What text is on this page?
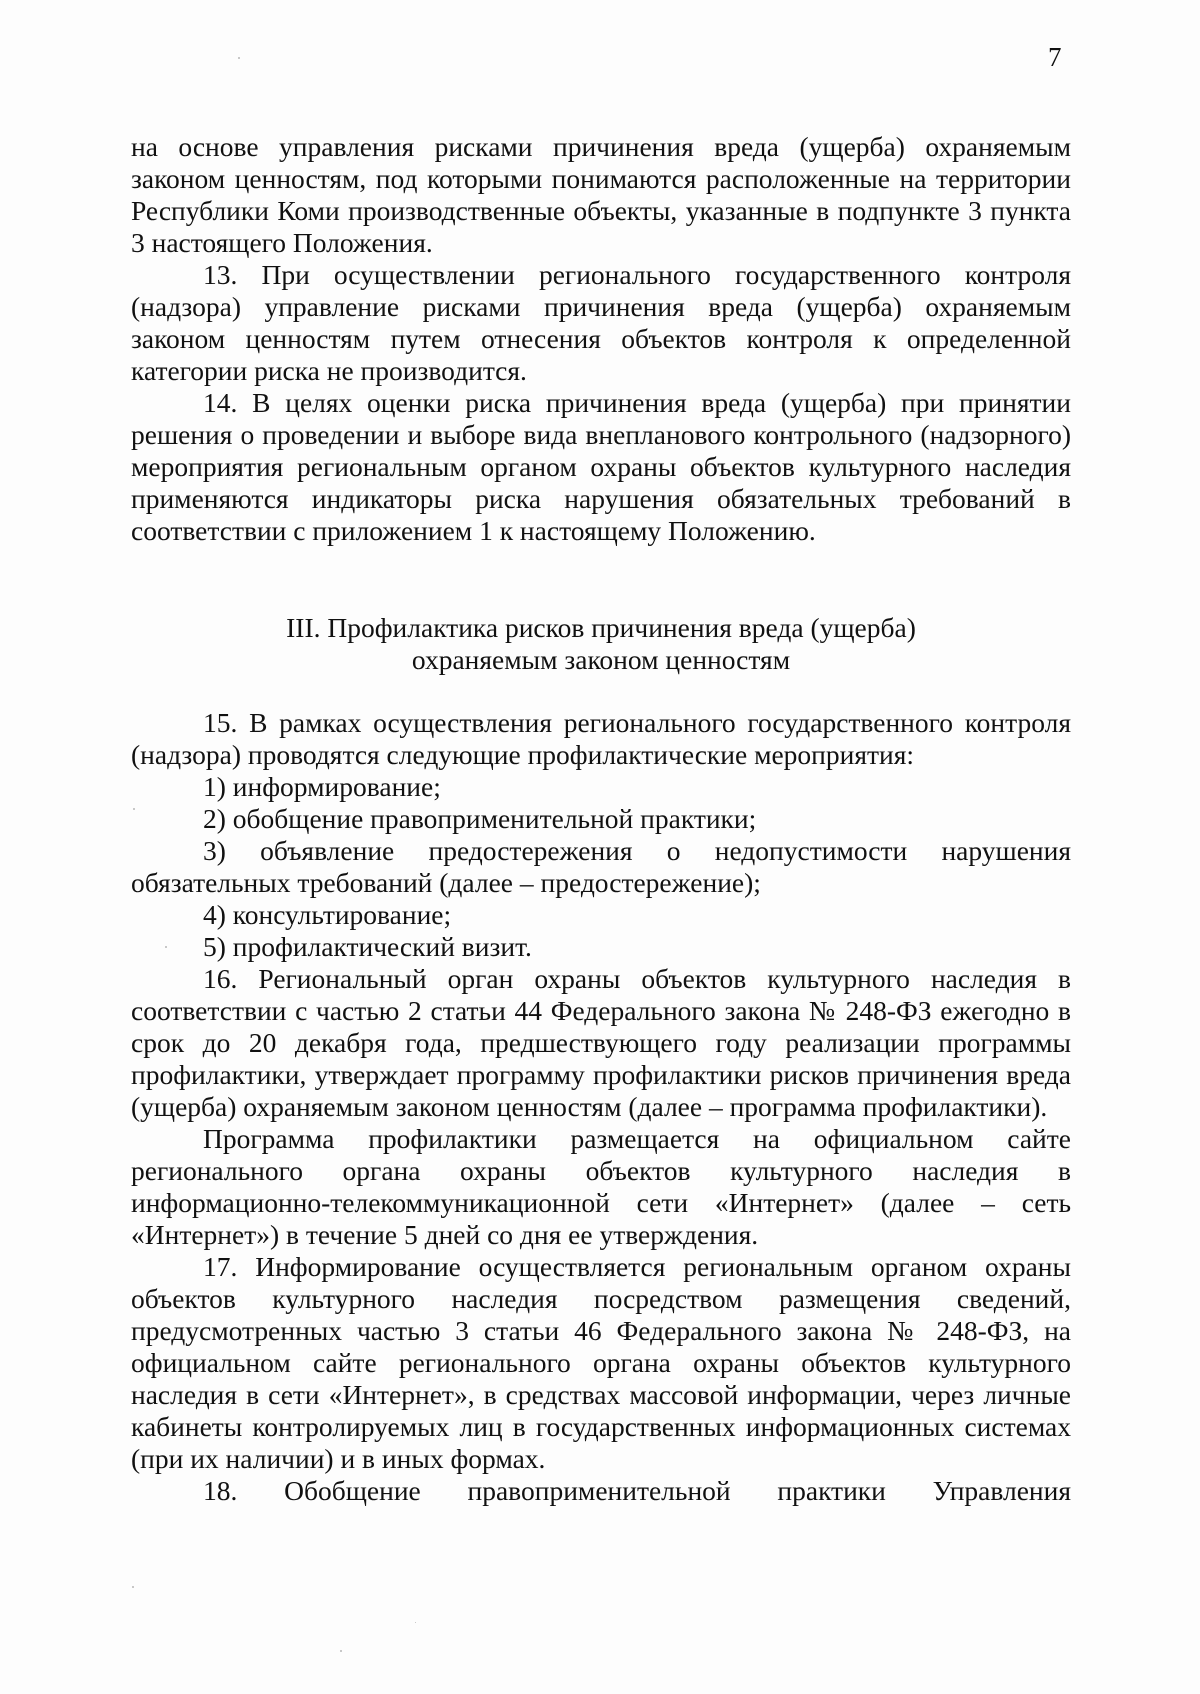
7

на основе управления рисками причинения вреда (ущерба) охраняемым законом ценностям, под которыми понимаются расположенные на территории Республики Коми производственные объекты, указанные в подпункте 3 пункта 3 настоящего Положения.

13. При осуществлении регионального государственного контроля (надзора) управление рисками причинения вреда (ущерба) охраняемым законом ценностям путем отнесения объектов контроля к определенной категории риска не производится.

14. В целях оценки риска причинения вреда (ущерба) при принятии решения о проведении и выборе вида внепланового контрольного (надзорного) мероприятия региональным органом охраны объектов культурного наследия применяются индикаторы риска нарушения обязательных требований в соответствии с приложением 1 к настоящему Положению.

III. Профилактика рисков причинения вреда (ущерба)
охраняемым законом ценностям

15. В рамках осуществления регионального государственного контроля (надзора) проводятся следующие профилактические мероприятия:

1) информирование;

2) обобщение правоприменительной практики;

3) объявление предостережения о недопустимости нарушения обязательных требований (далее – предостережение);

4) консультирование;

5) профилактический визит.

16. Региональный орган охраны объектов культурного наследия в соответствии с частью 2 статьи 44 Федерального закона № 248-ФЗ ежегодно в срок до 20 декабря года, предшествующего году реализации программы профилактики, утверждает программу профилактики рисков причинения вреда (ущерба) охраняемым законом ценностям (далее – программа профилактики).

Программа профилактики размещается на официальном сайте регионального органа охраны объектов культурного наследия в информационно-телекоммуникационной сети «Интернет» (далее – сеть «Интернет») в течение 5 дней со дня ее утверждения.

17. Информирование осуществляется региональным органом охраны объектов культурного наследия посредством размещения сведений, предусмотренных частью 3 статьи 46 Федерального закона № 248-ФЗ, на официальном сайте регионального органа охраны объектов культурного наследия в сети «Интернет», в средствах массовой информации, через личные кабинеты контролируемых лиц в государственных информационных системах (при их наличии) и в иных формах.

18. Обобщение правоприменительной практики Управления
